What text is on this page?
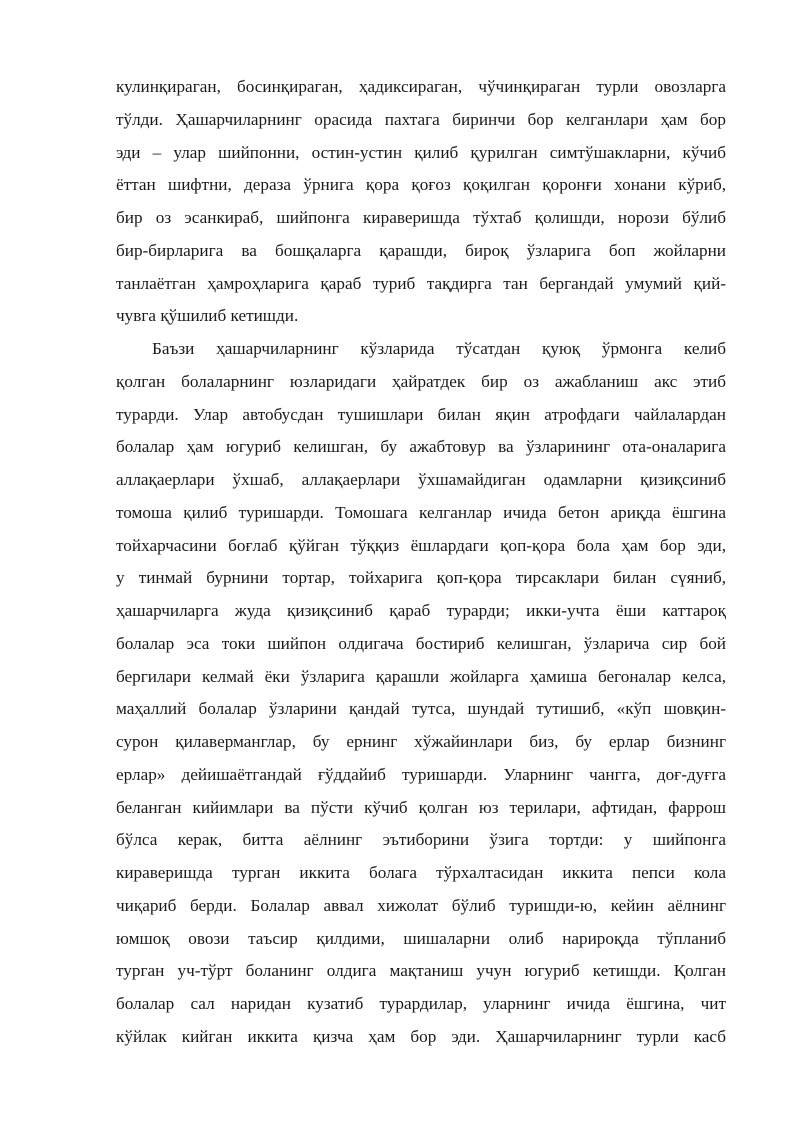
кулинқираган, босинқираган, ҳадиксираган, чўчинқираган турли овозларга
тўлди. Ҳашарчиларнинг орасида пахтага биринчи бор келганлари ҳам бор
эди – улар шийпонни, остин-устин қилиб қурилган симтўшакларни, кўчиб
ёттан шифтни, дераза ўрнига қора қоғоз қоқилган қоронғи хонани кўриб,
бир оз эсанкираб, шийпонга кираверишда тўхтаб қолишди, норози бўлиб
бир-бирларига ва бошқаларга қарашди, бироқ ўзларига боп жойларни
танлаётган ҳамроҳларига қараб туриб тақдирга тан бергандай умумий қий-
чувга қўшилиб кетишди.
Баъзи ҳашарчиларнинг кўзларида тўсатдан қуюқ ўрмонга келиб
қолган болаларнинг юзларидаги ҳайратдек бир оз ажабланиш акс этиб
турарди. Улар автобусдан тушишлари билан яқин атрофдаги чайлалардан
болалар ҳам югуриб келишган, бу ажабтовур ва ўзларининг ота-оналарига
аллақаерлари ўхшаб, аллақаерлари ўхшамайдиган одамларни қизиқсиниб
томоша қилиб туришарди. Томошага келганлар ичида бетон ариқда ёшгина
тойхарчасини боғлаб қўйган тўққиз ёшлардаги қоп-қора бола ҳам бор эди,
у тинмай бурнини тортар, тойхарига қоп-қора тирсаклари билан сүяниб,
ҳашарчиларга жуда қизиқсиниб қараб турарди; икки-учта ёши каттароқ
болалар эса токи шийпон олдигача бостириб келишган, ўзларича сир бой
бергилари келмай ёки ўзларига қарашли жойларга ҳамиша бегоналар келса,
маҳаллий болалар ўзларини қандай тутса, шундай тутишиб, «кўп шовқин-
сурон қилаверманглар, бу ернинг хўжайинлари биз, бу ерлар бизнинг
ерлар» дейишаётгандай ғўддайиб туришарди. Уларнинг чангга, доғ-дуғга
беланган кийимлари ва пўсти кўчиб қолган юз терилари, афтидан, фаррош
бўлса керак, битта аёлнинг эътиборини ўзига тортди: у шийпонга
кираверишда турган иккита болага тўрхалтасидан иккита пепси кола
чиқариб берди. Болалар аввал хижолат бўлиб туришди-ю, кейин аёлнинг
юмшоқ овози таъсир қилдими, шишаларни олиб нарироқда тўпланиб
турган уч-тўрт боланинг олдига мақтаниш учун югуриб кетишди. Қолган
болалар сал наридан кузатиб турардилар, уларнинг ичида ёшгина, чит
кўйлак кийган иккита қизча ҳам бор эди. Ҳашарчиларнинг турли касб
